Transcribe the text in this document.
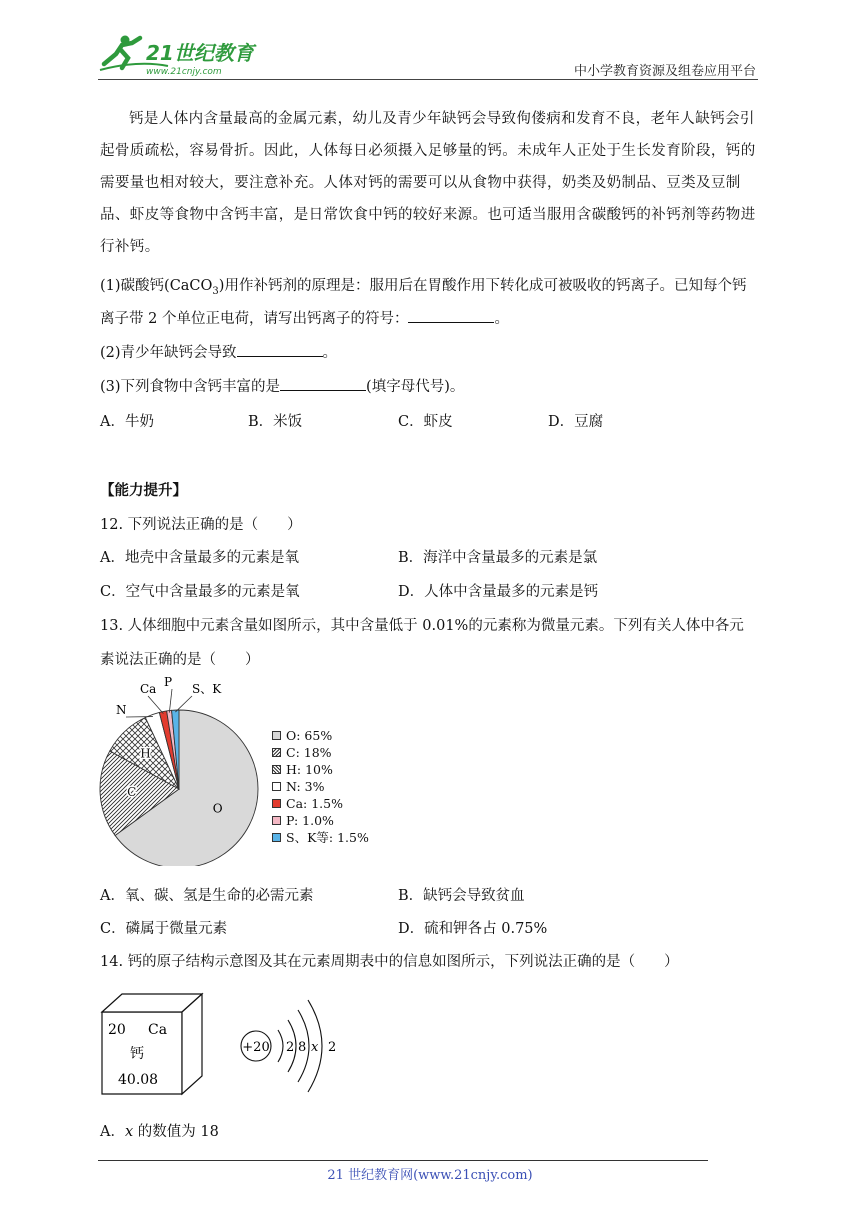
21世纪教育
www.21cnjy.com	中小学教育资源及组卷应用平台
钙是人体内含量最高的金属元素，幼儿及青少年缺钙会导致佝偻病和发育不良，老年人缺钙会引起骨质疏松，容易骨折。因此，人体每日必须摄入足够量的钙。未成年人正处于生长发育阶段，钙的需要量也相对较大，要注意补充。人体对钙的需要可以从食物中获得，奶类及奶制品、豆类及豆制品、虾皮等食物中含钙丰富，是日常饮食中钙的较好来源。也可适当服用含碳酸钙的补钙剂等药物进行补钙。
(1)碳酸钙(CaCO$_3$)用作补钙剂的原理是：服用后在胃酸作用下转化成可被吸收的钙离子。已知每个钙
离子带 2 个单位正电荷，请写出钙离子的符号：	。
(2)青少年缺钙会导致	。
(3)下列食物中含钙丰富的是	(填字母代号)。
A．牛奶	B．米饭	C．虾皮	D．豆腐
【能力提升】
12. 下列说法正确的是（　　）
A．地壳中含量最多的元素是氧	B．海洋中含量最多的元素是氯
C．空气中含量最多的元素是氧	D．人体中含量最多的元素是钙
13. 人体细胞中元素含量如图所示，其中含量低于 0.01%的元素称为微量元素。下列有关人体中各元
素说法正确的是（　　）
O
C
H
N
Ca P S、K
O: 65%
C: 18%
H: 10%
N: 3%
Ca: 1.5%
P: 1.0%
S、K等: 1.5%
A．氧、碳、氢是生命的必需元素	B．缺钙会导致贫血
C．磷属于微量元素	D．硫和钾各占 0.75%
14. 钙的原子结构示意图及其在元素周期表中的信息如图所示，下列说法正确的是（　　）
20 Ca
钙
40.08
+20 2 8 x 2
A．x 的数值为 18
21 世纪教育网(www.21cnjy.com)
